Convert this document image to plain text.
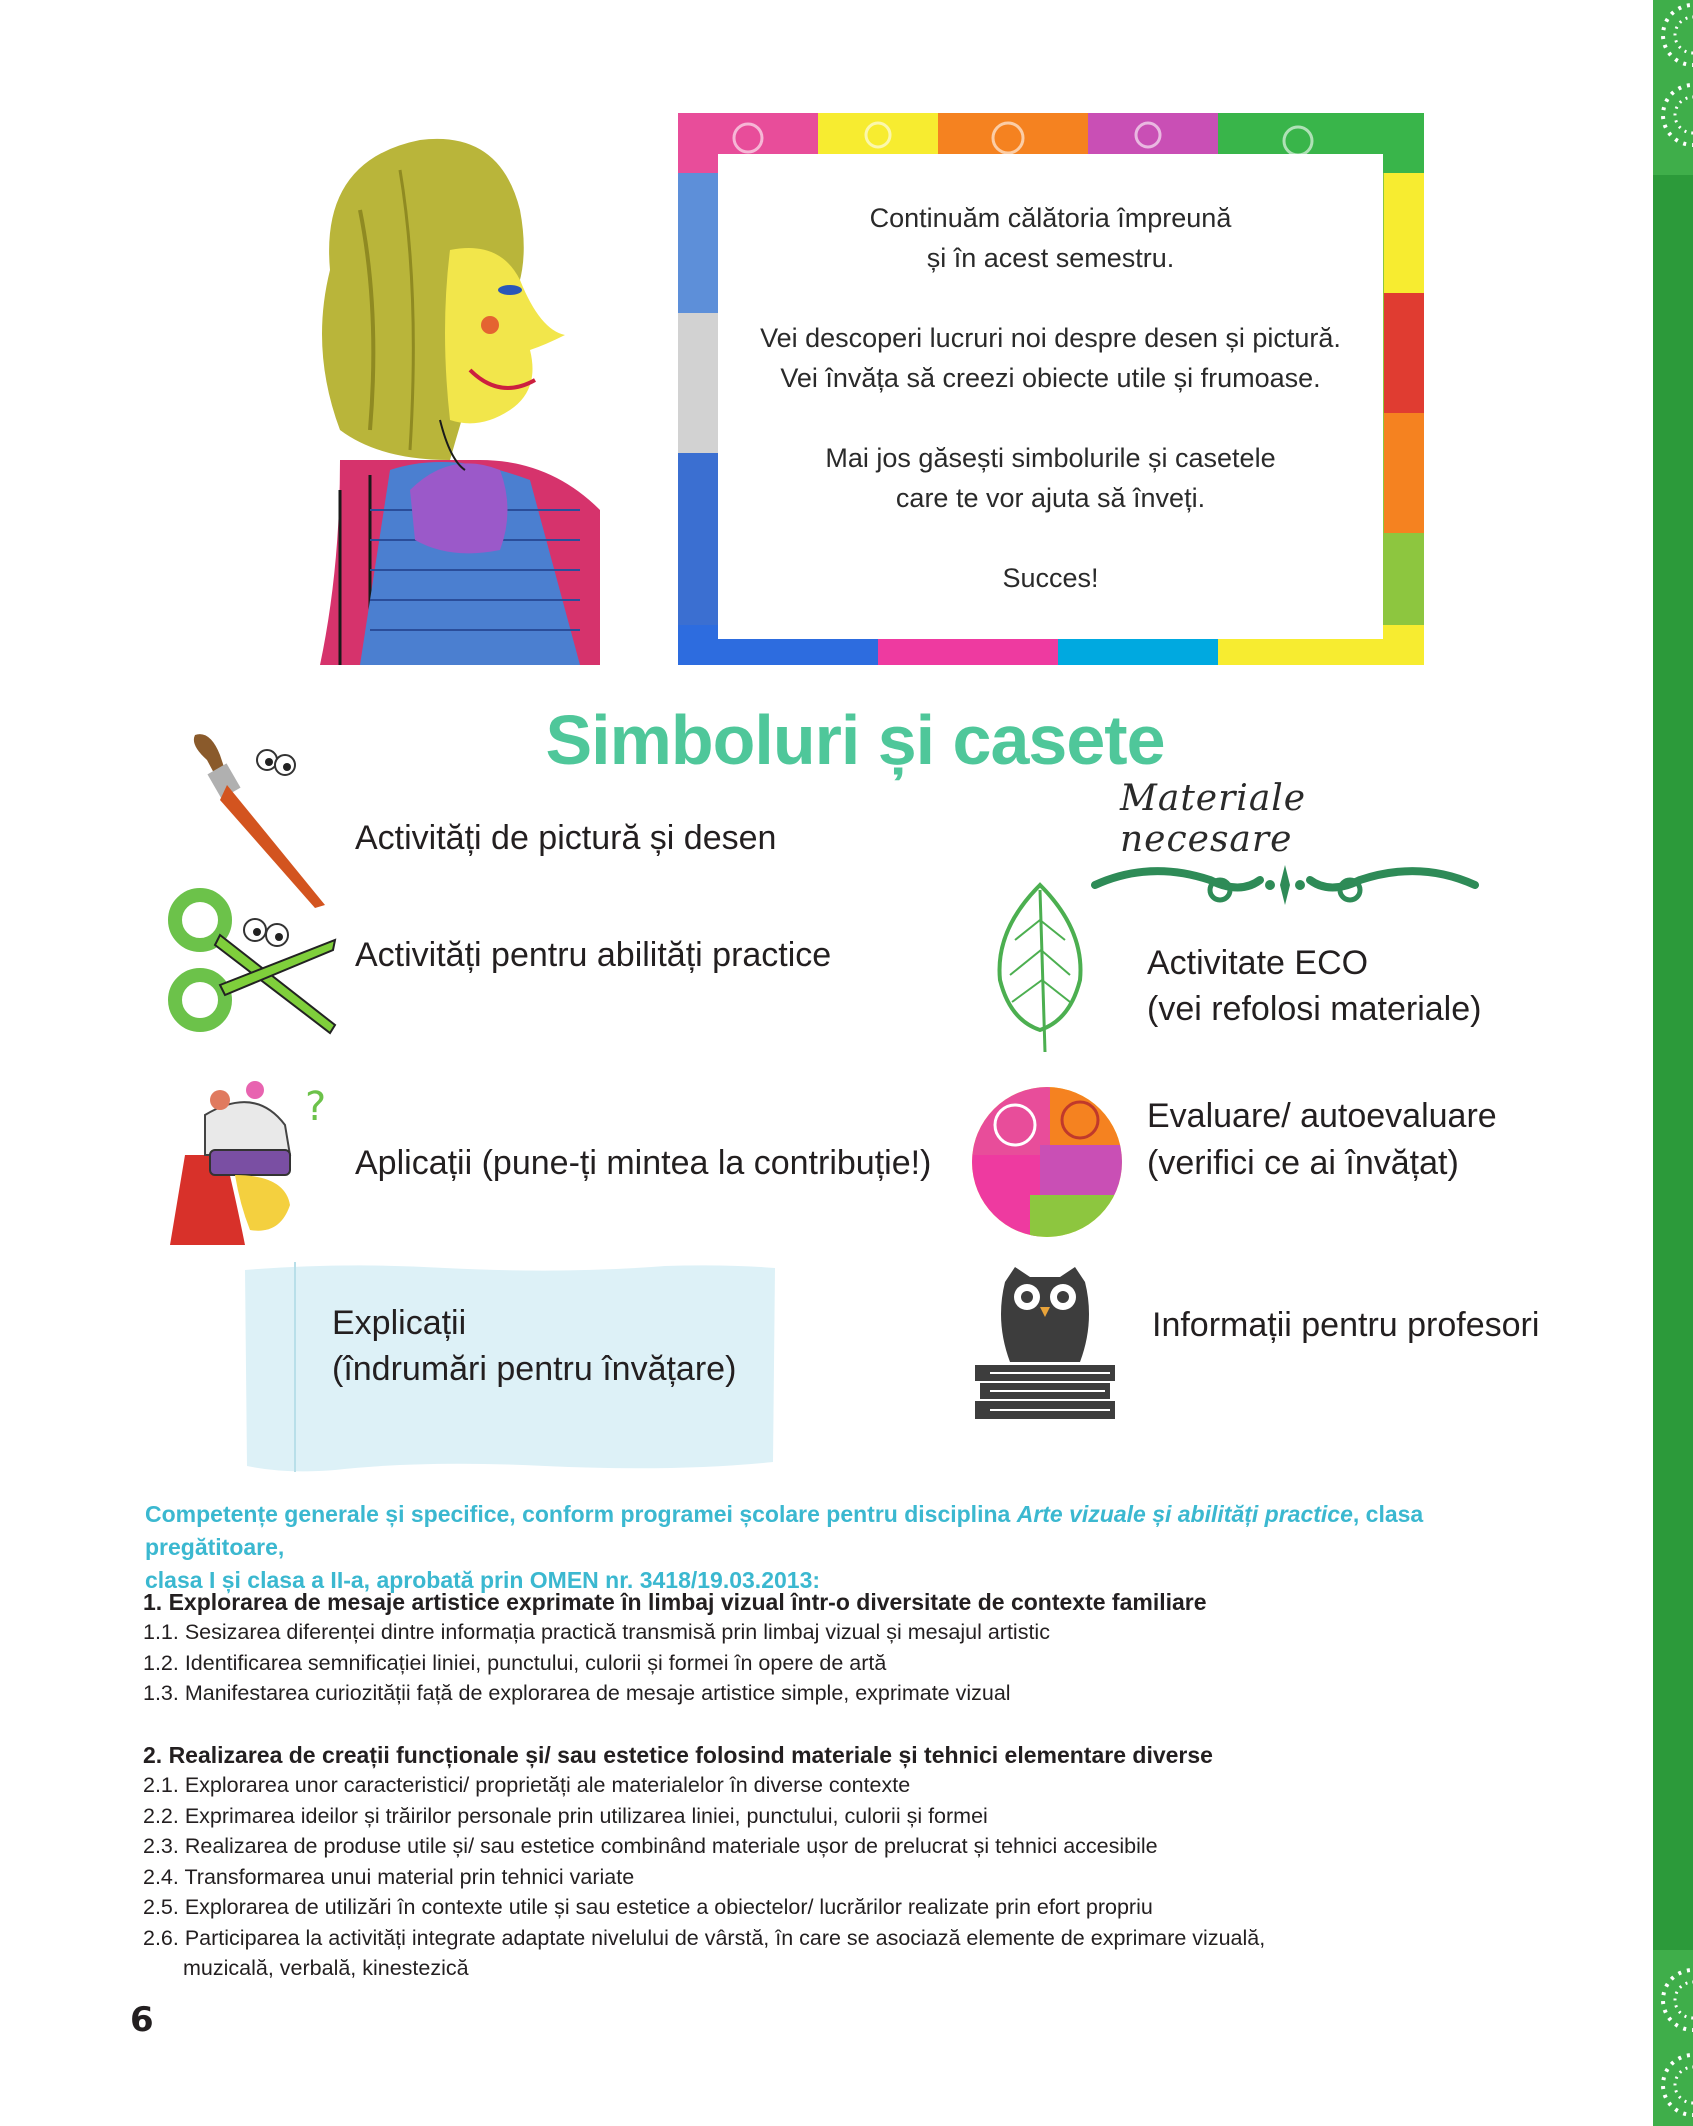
Continuăm călătoria împreună

și în acest semestru.

Vei descoperi lucruri noi despre desen și pictură.

Vei învăța să creezi obiecte utile și frumoase.

Mai jos găsești simbolurile și casetele

care te vor ajuta să înveți.

Succes!

Simboluri și casete
Activități de pictură și desen
Activități pentru abilități practice
?
Aplicații (pune-ți mintea la contribuție!)
Explicații
(îndrumări pentru învățare)
Materiale necesare
Activitate ECO
(vei refolosi materiale)
Evaluare/ autoevaluare
(verifici ce ai învățat)
Informații pentru profesori
Competențe generale și specifice, conform programei școlare pentru disciplina Arte vizuale și abilități practice, clasa pregătitoare,
clasa I și clasa a II-a, aprobată prin OMEN nr. 3418/19.03.2013:
1. Explorarea de mesaje artistice exprimate în limbaj vizual într-o diversitate de contexte familiare
1.1. Sesizarea diferenței dintre informația practică transmisă prin limbaj vizual și mesajul artistic
1.2. Identificarea semnificației liniei, punctului, culorii și formei în opere de artă
1.3. Manifestarea curiozității față de explorarea de mesaje artistice simple, exprimate vizual
2. Realizarea de creații funcționale și/ sau estetice folosind materiale și tehnici elementare diverse
2.1. Explorarea unor caracteristici/ proprietăți ale materialelor în diverse contexte
2.2. Exprimarea ideilor și trăirilor personale prin utilizarea liniei, punctului, culorii și formei
2.3. Realizarea de produse utile și/ sau estetice combinând materiale ușor de prelucrat și tehnici accesibile
2.4. Transformarea unui material prin tehnici variate
2.5. Explorarea de utilizări în contexte utile și sau estetice a obiectelor/ lucrărilor realizate prin efort propriu
2.6. Participarea la activități integrate adaptate nivelului de vârstă, în care se asociază elemente de exprimare vizuală,
muzicală, verbală, kinestezică
6
